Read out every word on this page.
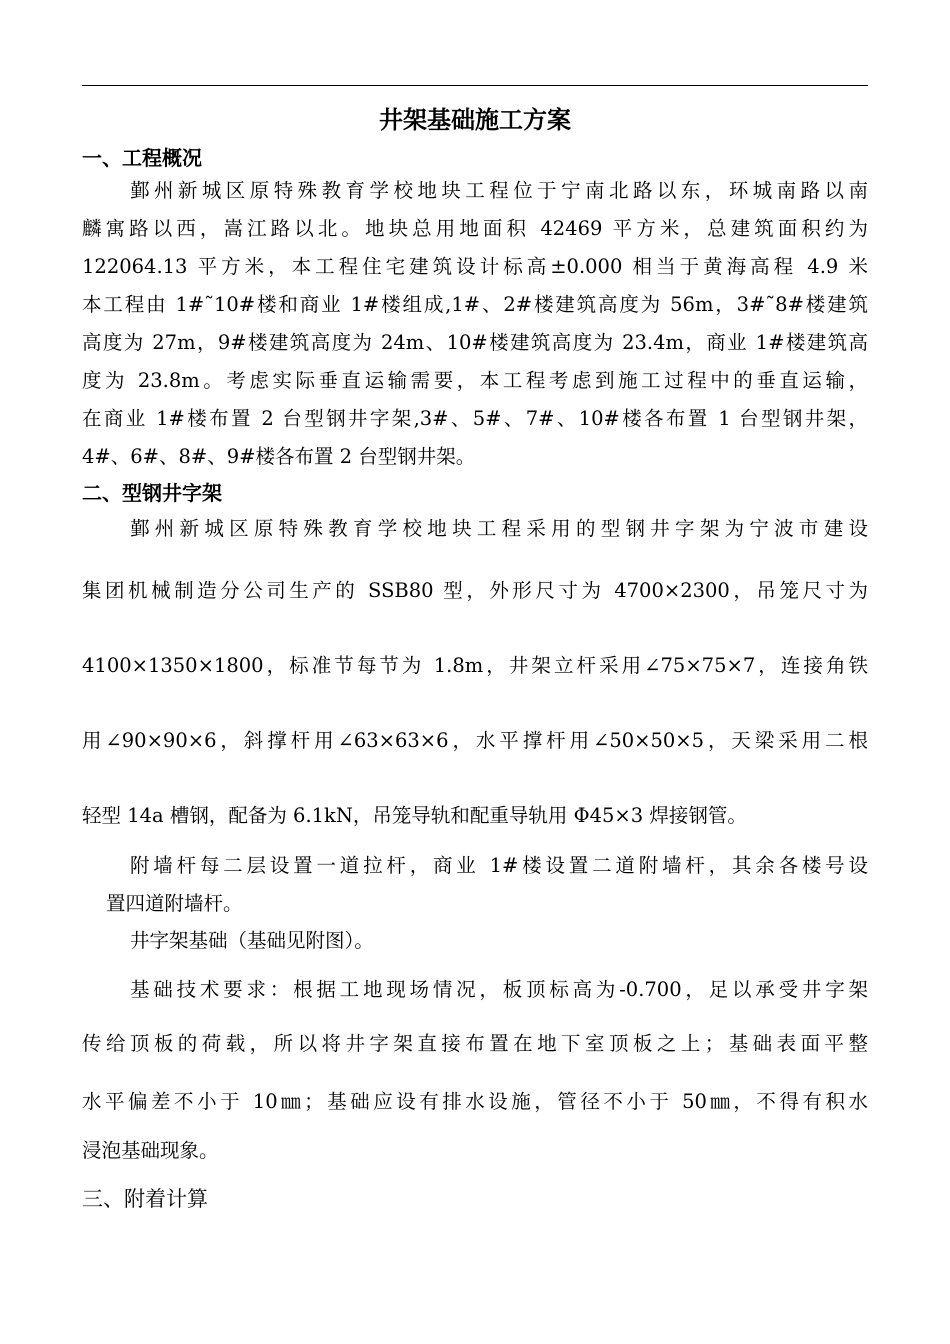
井架基础施工方案
一、工程概况

鄞州新城区原特殊教育学校地块工程位于宁南北路以东，环城南路以南

麟寓路以西，嵩江路以北。地块总用地面积 42469 平方米，总建筑面积约为

122064.13 平方米，本工程住宅建筑设计标高±0.000 相当于黄海高程 4.9 米

本工程由 1#˜10#楼和商业 1#楼组成,1#、2#楼建筑高度为 56m，3#˜8#楼建筑

高度为 27m，9#楼建筑高度为 24m、10#楼建筑高度为 23.4m，商业 1#楼建筑高

度为 23.8m。考虑实际垂直运输需要，本工程考虑到施工过程中的垂直运输，

在商业 1#楼布置 2 台型钢井字架,3#、5#、7#、10#楼各布置 1 台型钢井架，

4#、6#、8#、9#楼各布置 2 台型钢井架。

二、型钢井字架

鄞州新城区原特殊教育学校地块工程采用的型钢井字架为宁波市建设

集团机械制造分公司生产的 SSB80 型，外形尺寸为 4700×2300，吊笼尺寸为

4100×1350×1800，标准节每节为 1.8m，井架立杆采用∠75×75×7，连接角铁

用∠90×90×6，斜撑杆用∠63×63×6，水平撑杆用∠50×50×5，天梁采用二根

轻型 14a 槽钢，配备为 6.1kN，吊笼导轨和配重导轨用 Φ45×3 焊接钢管。

附墙杆每二层设置一道拉杆，商业 1#楼设置二道附墙杆，其余各楼号设

置四道附墙杆。

井字架基础（基础见附图）。

基础技术要求：根据工地现场情况，板顶标高为-0.700，足以承受井字架

传给顶板的荷载，所以将井字架直接布置在地下室顶板之上；基础表面平整

水平偏差不小于 10㎜；基础应设有排水设施，管径不小于 50㎜，不得有积水

浸泡基础现象。

三、附着计算
